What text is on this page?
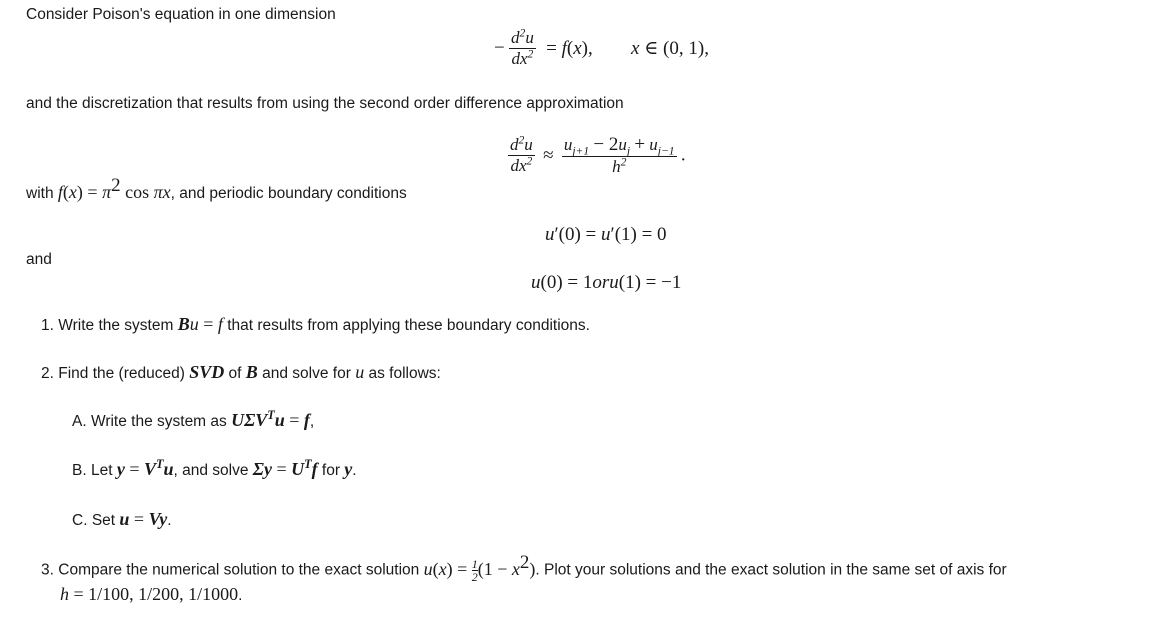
Consider Poison's equation in one dimension
− $\frac{d^2u}{dx^2} = f(x)$, x ∈ (0, 1),
and the discretization that results from using the second order difference approximation
$\frac{d^2u}{dx^2} \approx \frac{u_{j+1} - 2u_j + u_{j-1}}{h^2}$ .
with $f(x) = \pi^2$ cos πx, and periodic boundary conditions
u′(0) = u′(1) = 0
and
u(0) = 1oru(1) = −1
1. Write the system Bu = f that results from applying these boundary conditions.
2. Find the (reduced) SVD of B and solve for u as follows:
A. Write the system as $U\Sigma V^Tu = f$,
B. Let $y = V^Tu$, and solve $\Sigma y = U^Tf$ for y.
C. Set u = Vy.
3. Compare the numerical solution to the exact solution $u(x) = \frac{1}{2} (1 - x^2)$. Plot your solutions and the exact solution in the same set of axis for
h = 1/100, 1/200, 1/1000.
